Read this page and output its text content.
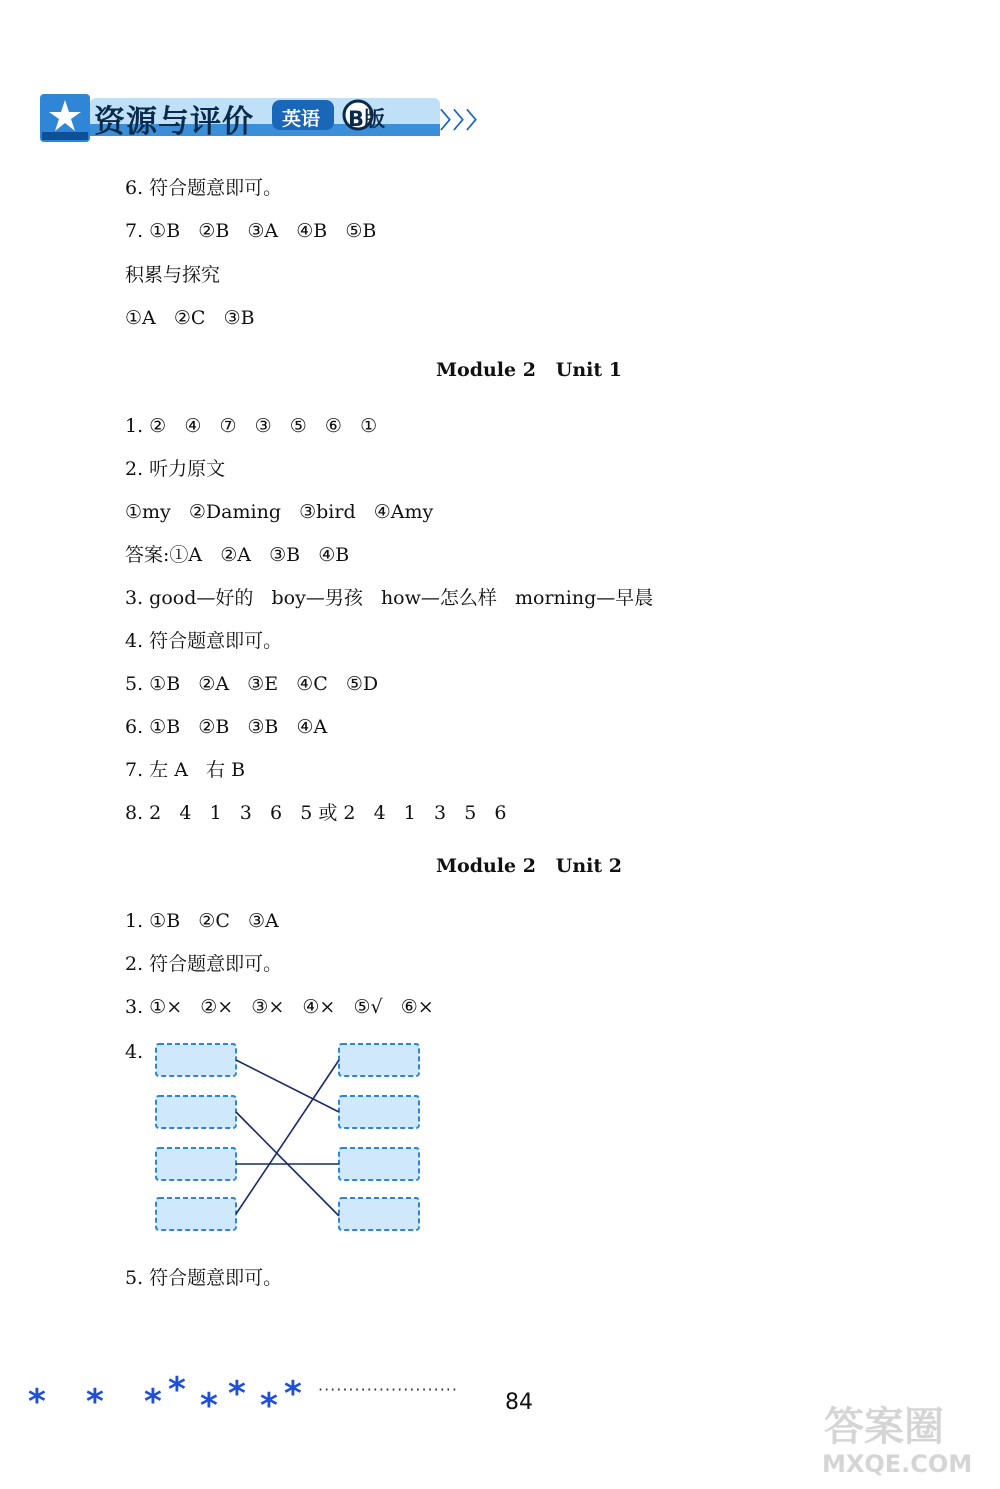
资源与评价 英语 B版 〉〉〉
6. 符合题意即可。
7. ①B   ②B   ③A   ④B   ⑤B
积累与探究
①A   ②C   ③B
Module 2   Unit 1
1. ②   ④   ⑦   ③   ⑤   ⑥   ①
2. 听力原文
①my   ②Daming   ③bird   ④Amy
答案:①A   ②A   ③B   ④B
3. good—好的   boy—男孩   how—怎么样   morning—早晨
4. 符合题意即可。
5. ①B   ②A   ③E   ④C   ⑤D
6. ①B   ②B   ③B   ④A
7. 左 A   右 B
8. 2   4   1   3   6   5 或 2   4   1   3   5   6
Module 2   Unit 2
1. ①B   ②C   ③A
2. 符合题意即可。
3. ①×   ②×   ③×   ④×   ⑤√   ⑥×
4.
5. 符合题意即可。
* * * * * * * * ·······················
84
答案圈
MXQE.COM
